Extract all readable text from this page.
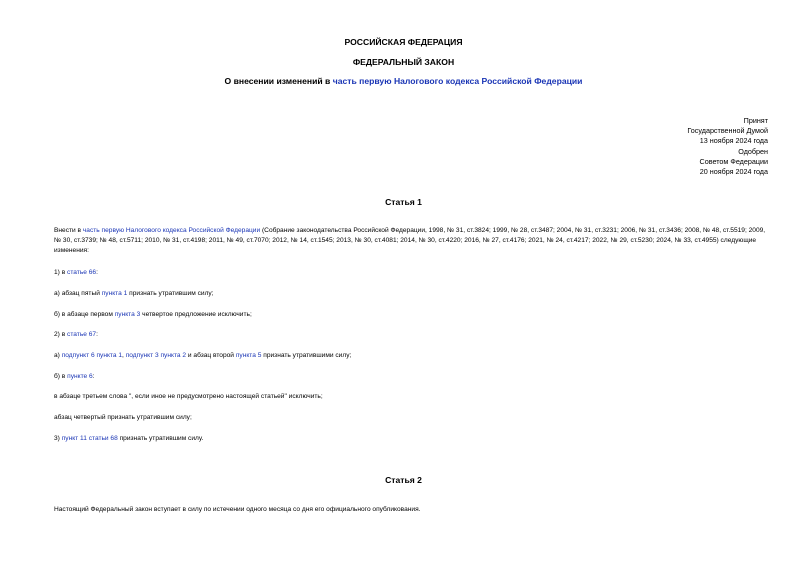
РОССИЙСКАЯ ФЕДЕРАЦИЯ
ФЕДЕРАЛЬНЫЙ ЗАКОН
О внесении изменений в часть первую Налогового кодекса Российской Федерации
Принят
Государственной Думой
13 ноября 2024 года
Одобрен
Советом Федерации
20 ноября 2024 года
Статья 1
Внести в часть первую Налогового кодекса Российской Федерации (Собрание законодательства Российской Федерации, 1998, № 31, ст.3824; 1999, № 28, ст.3487; 2004, № 31, ст.3231; 2006, № 31, ст.3436; 2008, № 48, ст.5519; 2009, № 30, ст.3739; № 48, ст.5711; 2010, № 31, ст.4198; 2011, № 49, ст.7070; 2012, № 14, ст.1545; 2013, № 30, ст.4081; 2014, № 30, ст.4220; 2016, № 27, ст.4176; 2021, № 24, ст.4217; 2022, № 29, ст.5230; 2024, № 33, ст.4955) следующие изменения:
1) в статье 66:
а) абзац пятый пункта 1 признать утратившим силу;
б) в абзаце первом пункта 3 четвертое предложение исключить;
2) в статье 67:
а) подпункт 6 пункта 1, подпункт 3 пункта 2 и абзац второй пункта 5 признать утратившими силу;
б) в пункте 6:
в абзаце третьем слова ", если иное не предусмотрено настоящей статьей" исключить;
абзац четвертый признать утратившим силу;
3) пункт 11 статьи 68 признать утратившим силу.
Статья 2
Настоящий Федеральный закон вступает в силу по истечении одного месяца со дня его официального опубликования.
